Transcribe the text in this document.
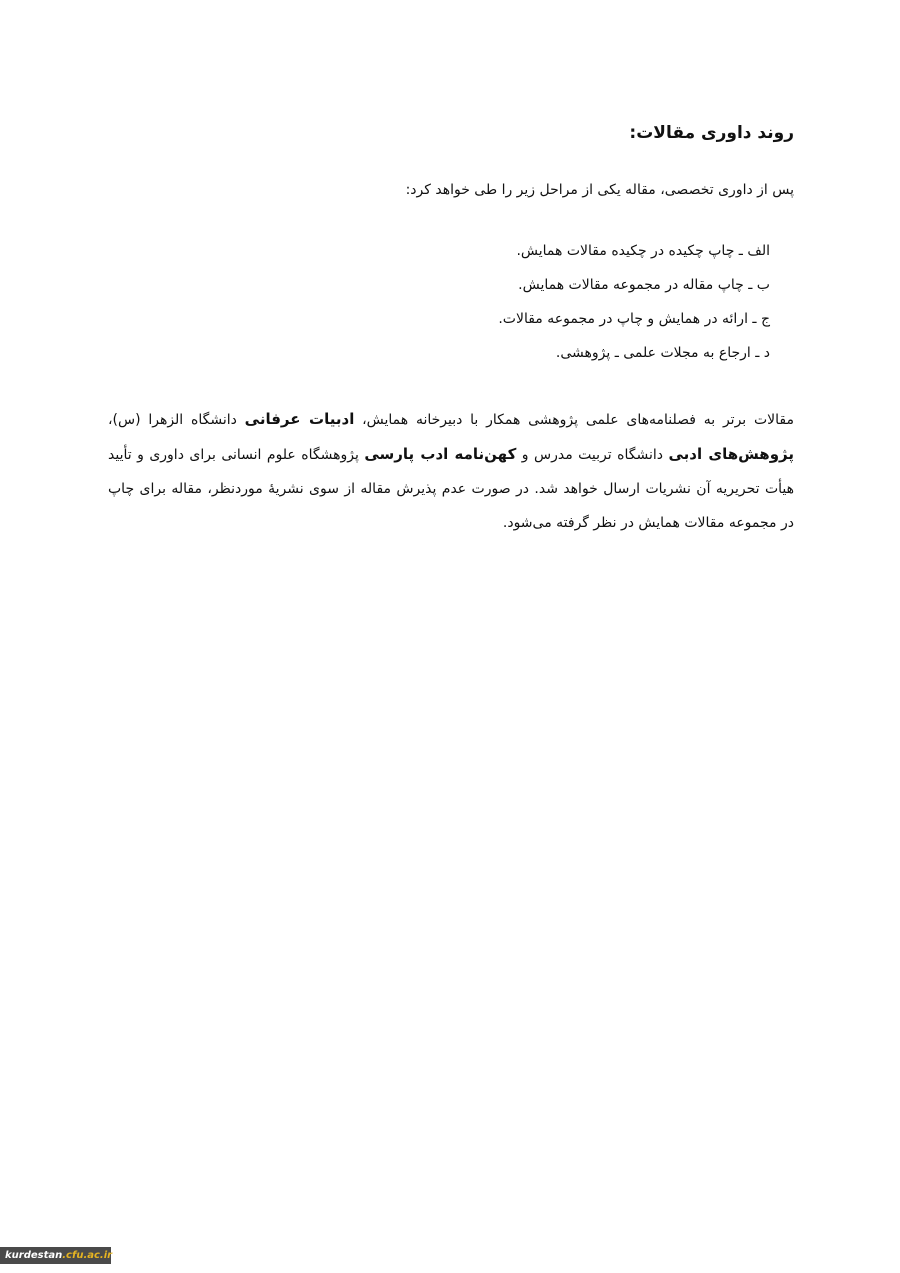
روند داوری مقالات:

پس از داوری تخصصی، مقاله یکی از مراحل زیر را طی خواهد کرد:

الف ـ چاپ چکیده در چکیده مقالات همایش.
ب ـ چاپ مقاله در مجموعه مقالات همایش.
ج ـ ارائه در همایش و چاپ در مجموعه مقالات.
د ـ ارجاع به مجلات علمی ـ پژوهشی.

مقالات برتر به فصلنامه‌های علمی پژوهشی همکار با دبیرخانه همایش، ادبیات عرفانی دانشگاه الزهرا (س)، پژوهش‌های ادبی دانشگاه تربیت مدرس و کهن‌نامه ادب پارسی پژوهشگاه علوم انسانی برای داوری و تأیید هیأت تحریریه آن نشریات ارسال خواهد شد. در صورت عدم پذیرش مقاله از سوی نشریهٔ موردنظر، مقاله برای چاپ در مجموعه مقالات همایش در نظر گرفته می‌شود.

kurdestan.cfu.ac.ir
